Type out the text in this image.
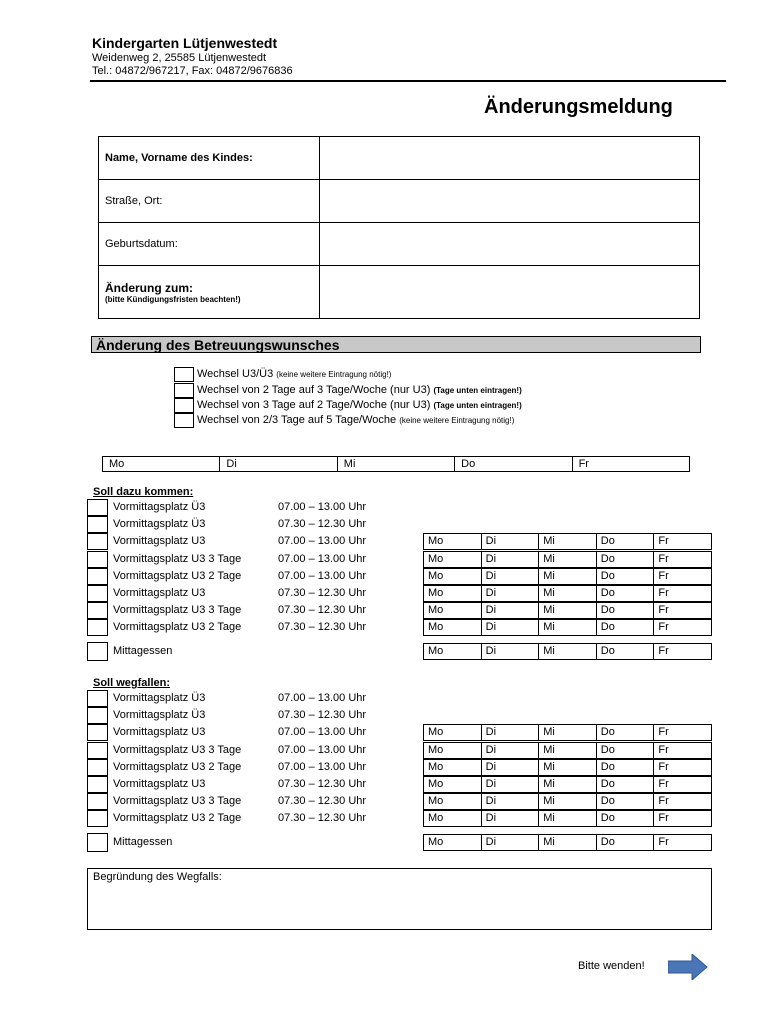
Kindergarten Lütjenwestedt
Weidenweg 2, 25585 Lütjenwestedt
Tel.: 04872/967217, Fax: 04872/9676836
Änderungsmeldung
Name, Vorname des Kindes:	
Straße, Ort:	
Geburtsdatum:	
Änderung zum:
(bitte Kündigungsfristen beachten!)	

Änderung des Betreuungswunsches
Wechsel U3/Ü3 (keine weitere Eintragung nötig!)
Wechsel von 2 Tage auf 3 Tage/Woche (nur U3) (Tage unten eintragen!)
Wechsel von 3 Tage auf 2 Tage/Woche (nur U3) (Tage unten eintragen!)
Wechsel von 2/3 Tage auf 5 Tage/Woche (keine weitere Eintragung nötig!)
Mo	Di	Mi	Do	Fr
Soll dazu kommen:
Vormittagsplatz Ü3	07.00 – 13.00 Uhr
Vormittagsplatz Ü3	07.30 – 12.30 Uhr
Vormittagsplatz U3	07.00 – 13.00 Uhr	Mo	Di	Mi	Do	Fr
Vormittagsplatz U3 3 Tage	07.00 – 13.00 Uhr	Mo	Di	Mi	Do	Fr
Vormittagsplatz U3 2 Tage	07.00 – 13.00 Uhr	Mo	Di	Mi	Do	Fr
Vormittagsplatz U3	07.30 – 12.30 Uhr	Mo	Di	Mi	Do	Fr
Vormittagsplatz U3 3 Tage	07.30 – 12.30 Uhr	Mo	Di	Mi	Do	Fr
Vormittagsplatz U3 2 Tage	07.30 – 12.30 Uhr	Mo	Di	Mi	Do	Fr
Mittagessen	Mo	Di	Mi	Do	Fr
Soll wegfallen:
Vormittagsplatz Ü3	07.00 – 13.00 Uhr
Vormittagsplatz Ü3	07.30 – 12.30 Uhr
Vormittagsplatz U3	07.00 – 13.00 Uhr	Mo	Di	Mi	Do	Fr
Vormittagsplatz U3 3 Tage	07.00 – 13.00 Uhr	Mo	Di	Mi	Do	Fr
Vormittagsplatz U3 2 Tage	07.00 – 13.00 Uhr	Mo	Di	Mi	Do	Fr
Vormittagsplatz U3	07.30 – 12.30 Uhr	Mo	Di	Mi	Do	Fr
Vormittagsplatz U3 3 Tage	07.30 – 12.30 Uhr	Mo	Di	Mi	Do	Fr
Vormittagsplatz U3 2 Tage	07.30 – 12.30 Uhr	Mo	Di	Mi	Do	Fr
Mittagessen	Mo	Di	Mi	Do	Fr
Begründung des Wegfalls:
Bitte wenden!
